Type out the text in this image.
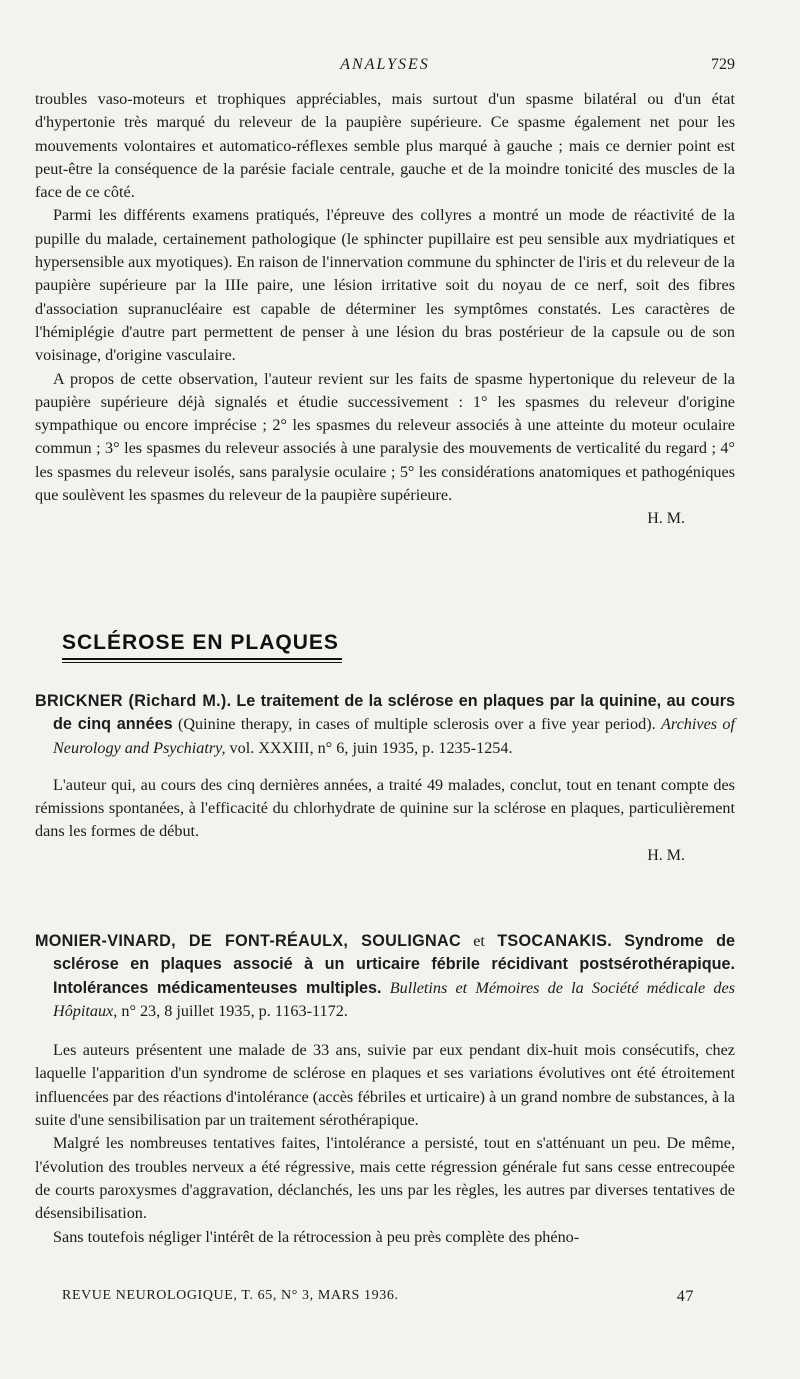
ANALYSES	729

troubles vaso-moteurs et trophiques appréciables, mais surtout d'un spasme bilatéral ou d'un état d'hypertonie très marqué du releveur de la paupière supérieure. Ce spasme également net pour les mouvements volontaires et automatico-réflexes semble plus marqué à gauche ; mais ce dernier point est peut-être la conséquence de la parésie faciale centrale, gauche et de la moindre tonicité des muscles de la face de ce côté.

Parmi les différents examens pratiqués, l'épreuve des collyres a montré un mode de réactivité de la pupille du malade, certainement pathologique (le sphincter pupillaire est peu sensible aux mydriatiques et hypersensible aux myotiques). En raison de l'innervation commune du sphincter de l'iris et du releveur de la paupière supérieure par la IIIe paire, une lésion irritative soit du noyau de ce nerf, soit des fibres d'association supranucléaire est capable de déterminer les symptômes constatés. Les caractères de l'hémiplégie d'autre part permettent de penser à une lésion du bras postérieur de la capsule ou de son voisinage, d'origine vasculaire.

A propos de cette observation, l'auteur revient sur les faits de spasme hypertonique du releveur de la paupière supérieure déjà signalés et étudie successivement : 1° les spasmes du releveur d'origine sympathique ou encore imprécise ; 2° les spasmes du releveur associés à une atteinte du moteur oculaire commun ; 3° les spasmes du releveur associés à une paralysie des mouvements de verticalité du regard ; 4° les spasmes du releveur isolés, sans paralysie oculaire ; 5° les considérations anatomiques et pathogéniques que soulèvent les spasmes du releveur de la paupière supérieure.

H. M.

SCLÉROSE EN PLAQUES

BRICKNER (Richard M.). Le traitement de la sclérose en plaques par la quinine, au cours de cinq années (Quinine therapy, in cases of multiple sclerosis over a five year period). Archives of Neurology and Psychiatry, vol. XXXIII, n° 6, juin 1935, p. 1235-1254.

L'auteur qui, au cours des cinq dernières années, a traité 49 malades, conclut, tout en tenant compte des rémissions spontanées, à l'efficacité du chlorhydrate de quinine sur la sclérose en plaques, particulièrement dans les formes de début.

H. M.

MONIER-VINARD, DE FONT-RÉAULX, SOULIGNAC et TSOCANAKIS. Syndrome de sclérose en plaques associé à un urticaire fébrile récidivant postsérothérapique. Intolérances médicamenteuses multiples. Bulletins et Mémoires de la Société médicale des Hôpitaux, n° 23, 8 juillet 1935, p. 1163-1172.

Les auteurs présentent une malade de 33 ans, suivie par eux pendant dix-huit mois consécutifs, chez laquelle l'apparition d'un syndrome de sclérose en plaques et ses variations évolutives ont été étroitement influencées par des réactions d'intolérance (accès fébriles et urticaire) à un grand nombre de substances, à la suite d'une sensibilisation par un traitement sérothérapique.

Malgré les nombreuses tentatives faites, l'intolérance a persisté, tout en s'atténuant un peu. De même, l'évolution des troubles nerveux a été régressive, mais cette régression générale fut sans cesse entrecoupée de courts paroxysmes d'aggravation, déclanchés, les uns par les règles, les autres par diverses tentatives de désensibilisation.

Sans toutefois négliger l'intérêt de la rétrocession à peu près complète des phéno-

REVUE NEUROLOGIQUE, T. 65, N° 3, MARS 1936.	47
